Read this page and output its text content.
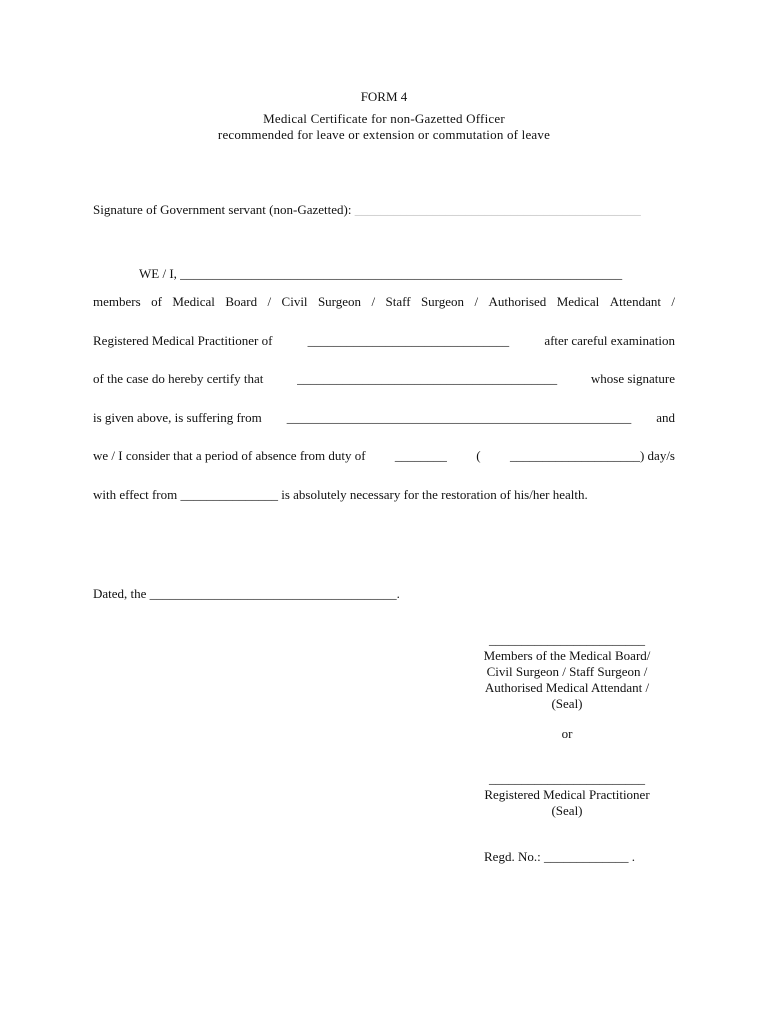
FORM 4
Medical Certificate for non-Gazetted Officer
recommended for leave or extension or commutation of leave
Signature of Government servant (non-Gazetted): ____________________________________________
WE / I, ____________________________________________________________________
members of Medical Board / Civil Surgeon / Staff Surgeon / Authorised Medical Attendant /
Registered Medical Practitioner of	_______________________________	after careful examination
of the case do hereby certify that	________________________________________	whose signature
is given above, is suffering from _____________________________________________________ and
we / I consider that a period of absence from duty of ________ ( ____________________) day/s
with effect from _______________ is absolutely necessary for the restoration of his/her health.
Dated, the ______________________________________.
________________________
Members of the Medical Board/
Civil Surgeon / Staff Surgeon /
Authorised Medical Attendant /
(Seal)
or
________________________
Registered Medical Practitioner
(Seal)
Regd. No.: _____________ .
